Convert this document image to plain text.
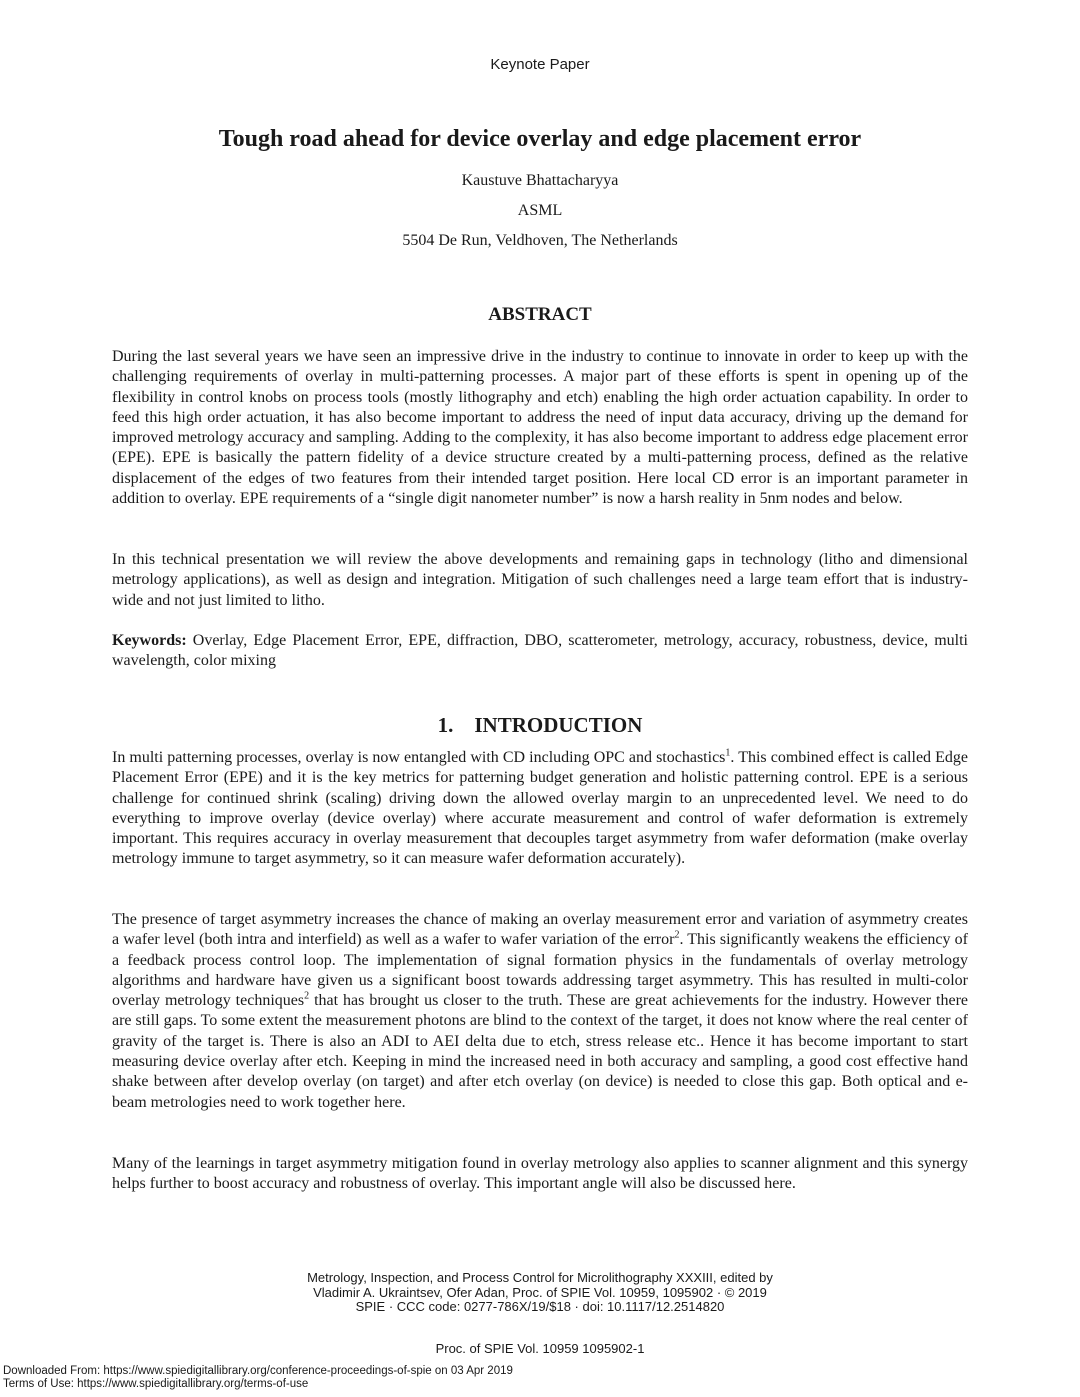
Keynote Paper
Tough road ahead for device overlay and edge placement error
Kaustuve Bhattacharyya
ASML
5504 De Run, Veldhoven, The Netherlands
ABSTRACT

During the last several years we have seen an impressive drive in the industry to continue to innovate in order to keep up with the challenging requirements of overlay in multi-patterning processes. A major part of these efforts is spent in opening up of the flexibility in control knobs on process tools (mostly lithography and etch) enabling the high order actuation capability. In order to feed this high order actuation, it has also become important to address the need of input data accuracy, driving up the demand for improved metrology accuracy and sampling. Adding to the complexity, it has also become important to address edge placement error (EPE). EPE is basically the pattern fidelity of a device structure created by a multi-patterning process, defined as the relative displacement of the edges of two features from their intended target position. Here local CD error is an important parameter in addition to overlay. EPE requirements of a “single digit nanometer number” is now a harsh reality in 5nm nodes and below.

In this technical presentation we will review the above developments and remaining gaps in technology (litho and dimensional metrology applications), as well as design and integration. Mitigation of such challenges need a large team effort that is industry-wide and not just limited to litho.

Keywords: Overlay, Edge Placement Error, EPE, diffraction, DBO, scatterometer, metrology, accuracy, robustness, device, multi wavelength, color mixing

1. INTRODUCTION

In multi patterning processes, overlay is now entangled with CD including OPC and stochastics$^1$. This combined effect is called Edge Placement Error (EPE) and it is the key metrics for patterning budget generation and holistic patterning control. EPE is a serious challenge for continued shrink (scaling) driving down the allowed overlay margin to an unprecedented level. We need to do everything to improve overlay (device overlay) where accurate measurement and control of wafer deformation is extremely important. This requires accuracy in overlay measurement that decouples target asymmetry from wafer deformation (make overlay metrology immune to target asymmetry, so it can measure wafer deformation accurately).

The presence of target asymmetry increases the chance of making an overlay measurement error and variation of asymmetry creates a wafer level (both intra and interfield) as well as a wafer to wafer variation of the error$^2$. This significantly weakens the efficiency of a feedback process control loop. The implementation of signal formation physics in the fundamentals of overlay metrology algorithms and hardware have given us a significant boost towards addressing target asymmetry. This has resulted in multi-color overlay metrology techniques$^2$ that has brought us closer to the truth. These are great achievements for the industry. However there are still gaps. To some extent the measurement photons are blind to the context of the target, it does not know where the real center of gravity of the target is. There is also an ADI to AEI delta due to etch, stress release etc.. Hence it has become important to start measuring device overlay after etch. Keeping in mind the increased need in both accuracy and sampling, a good cost effective hand shake between after develop overlay (on target) and after etch overlay (on device) is needed to close this gap. Both optical and e-beam metrologies need to work together here.

Many of the learnings in target asymmetry mitigation found in overlay metrology also applies to scanner alignment and this synergy helps further to boost accuracy and robustness of overlay. This important angle will also be discussed here.

Metrology, Inspection, and Process Control for Microlithography XXXIII, edited by
Vladimir A. Ukraintsev, Ofer Adan, Proc. of SPIE Vol. 10959, 1095902 · © 2019
SPIE · CCC code: 0277-786X/19/$18 · doi: 10.1117/12.2514820
Proc. of SPIE Vol. 10959 1095902-1
Downloaded From: https://www.spiedigitallibrary.org/conference-proceedings-of-spie on 03 Apr 2019
Terms of Use: https://www.spiedigitallibrary.org/terms-of-use
